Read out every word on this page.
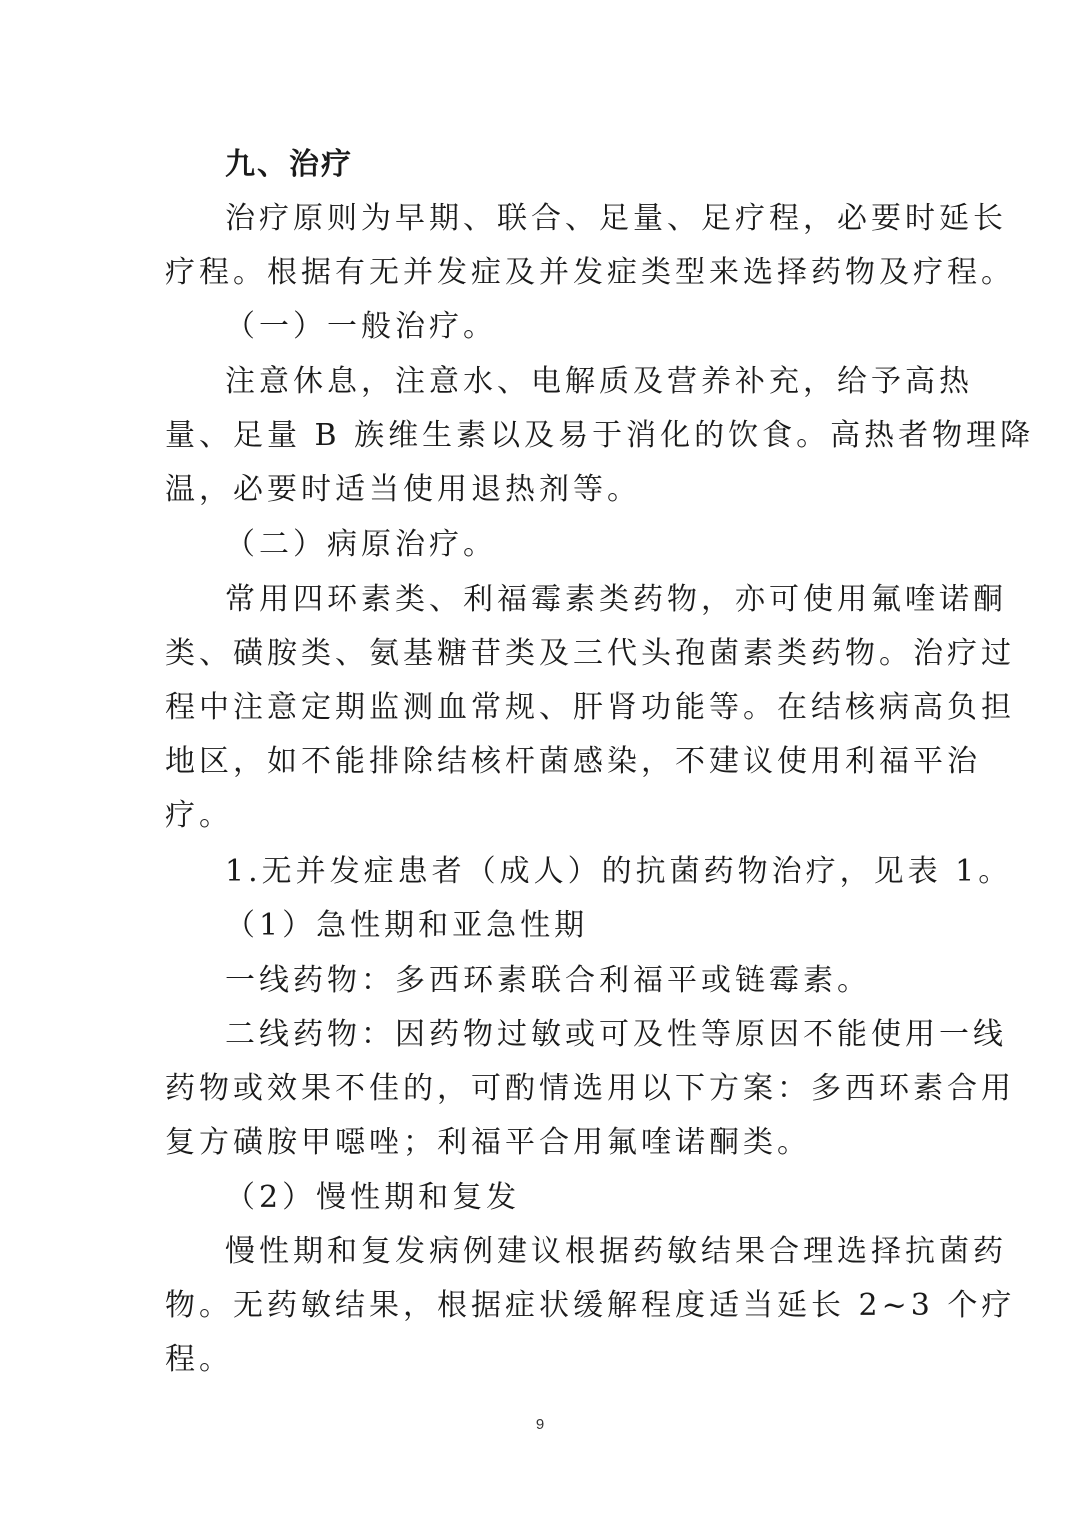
九、治疗
治疗原则为早期、联合、足量、足疗程，必要时延长
疗程。根据有无并发症及并发症类型来选择药物及疗程。
（一）一般治疗。
注意休息，注意水、电解质及营养补充，给予高热
量、足量 B 族维生素以及易于消化的饮食。高热者物理降
温，必要时适当使用退热剂等。
（二）病原治疗。
常用四环素类、利福霉素类药物，亦可使用氟喹诺酮
类、磺胺类、氨基糖苷类及三代头孢菌素类药物。治疗过
程中注意定期监测血常规、肝肾功能等。在结核病高负担
地区，如不能排除结核杆菌感染，不建议使用利福平治
疗。
1.无并发症患者（成人）的抗菌药物治疗，见表 1。
（1）急性期和亚急性期
一线药物：多西环素联合利福平或链霉素。
二线药物：因药物过敏或可及性等原因不能使用一线
药物或效果不佳的，可酌情选用以下方案：多西环素合用
复方磺胺甲噁唑；利福平合用氟喹诺酮类。
（2）慢性期和复发
慢性期和复发病例建议根据药敏结果合理选择抗菌药
物。无药敏结果，根据症状缓解程度适当延长 2~3 个疗
程。
9
